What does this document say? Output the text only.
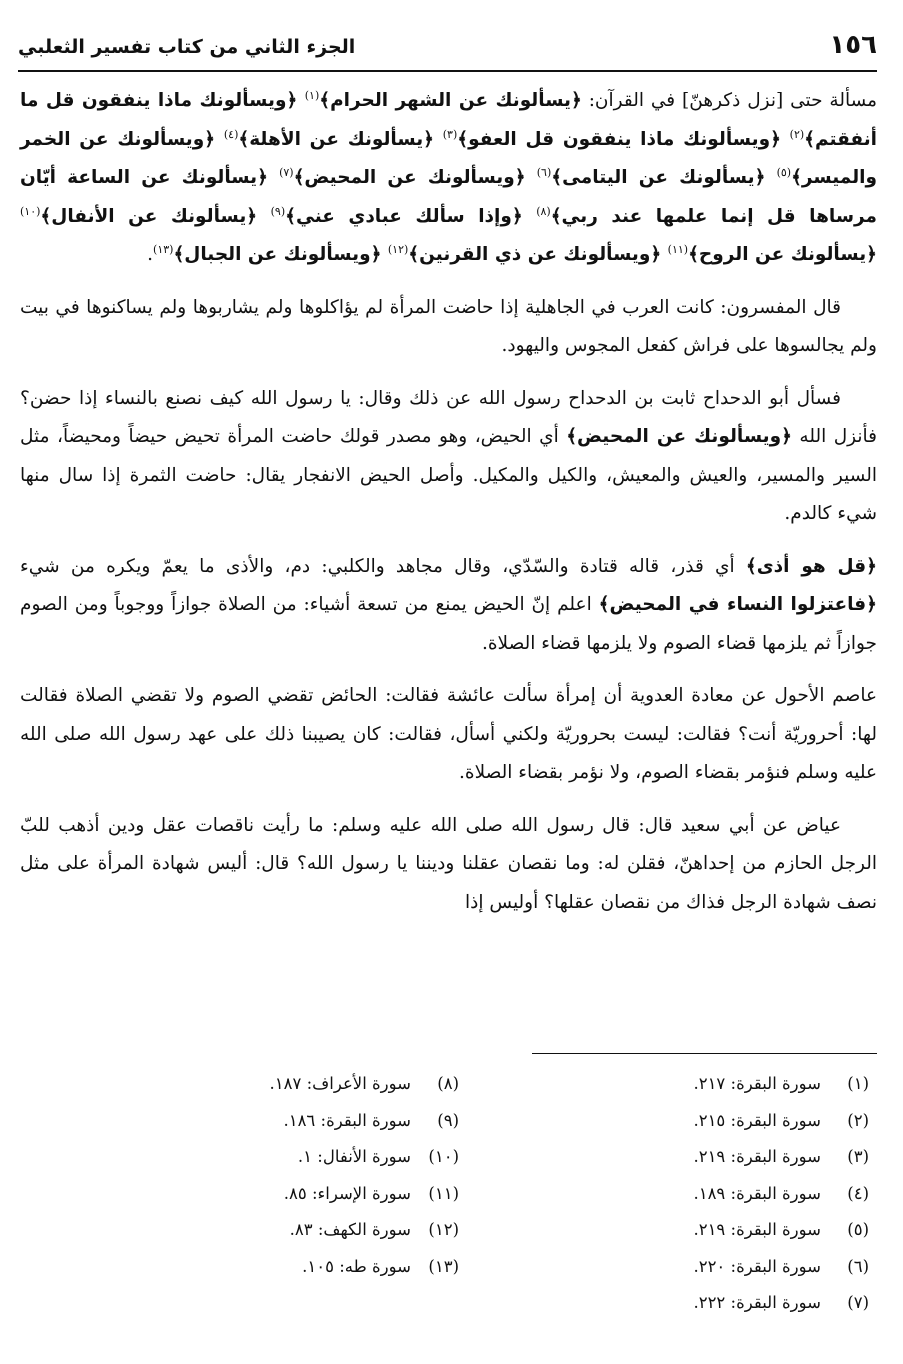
١٥٦
الجزء الثاني من كتاب تفسير الثعلبي

مسألة حتى [نزل ذكرهنّ] في القرآن: ﴿يسألونك عن الشهر الحرام﴾$^{(١)}$ ﴿ويسألونك ماذا ينفقون قل ما أنفقتم﴾$^{(٢)}$ ﴿ويسألونك ماذا ينفقون قل العفو﴾$^{(٣)}$ ﴿يسألونك عن الأهلة﴾$^{(٤)}$ ﴿ويسألونك عن الخمر والميسر﴾$^{(٥)}$ ﴿يسألونك عن اليتامى﴾$^{(٦)}$ ﴿ويسألونك عن المحيض﴾$^{(٧)}$ ﴿يسألونك عن الساعة أيّان مرساها قل إنما علمها عند ربي﴾$^{(٨)}$ ﴿وإذا سألك عبادي عني﴾$^{(٩)}$ ﴿يسألونك عن الأنفال﴾$^{(١٠)}$ ﴿يسألونك عن الروح﴾$^{(١١)}$ ﴿ويسألونك عن ذي القرنين﴾$^{(١٢)}$ ﴿ويسألونك عن الجبال﴾$^{(١٣)}$.

قال المفسرون: كانت العرب في الجاهلية إذا حاضت المرأة لم يؤاكلوها ولم يشاربوها ولم يساكنوها في بيت ولم يجالسوها على فراش كفعل المجوس واليهود.

فسأل أبو الدحداح ثابت بن الدحداح رسول الله عن ذلك وقال: يا رسول الله كيف نصنع بالنساء إذا حضن؟ فأنزل الله ﴿ويسألونك عن المحيض﴾ أي الحيض، وهو مصدر قولك حاضت المرأة تحيض حيضاً ومحيضاً، مثل السير والمسير، والعيش والمعيش، والكيل والمكيل. وأصل الحيض الانفجار يقال: حاضت الثمرة إذا سال منها شيء كالدم.

﴿قل هو أذى﴾ أي قذر، قاله قتادة والسّدّي، وقال مجاهد والكلبي: دم، والأذى ما يعمّ ويكره من شيء ﴿فاعتزلوا النساء في المحيض﴾ اعلم إنّ الحيض يمنع من تسعة أشياء: من الصلاة جوازاً ووجوباً ومن الصوم جوازاً ثم يلزمها قضاء الصوم ولا يلزمها قضاء الصلاة.

عاصم الأحول عن معادة العدوية أن إمرأة سألت عائشة فقالت: الحائض تقضي الصوم ولا تقضي الصلاة فقالت لها: أحروريّة أنت؟ فقالت: ليست بحروريّة ولكني أسأل، فقالت: كان يصيبنا ذلك على عهد رسول الله صلى الله عليه وسلم فنؤمر بقضاء الصوم، ولا نؤمر بقضاء الصلاة.

عياض عن أبي سعيد قال: قال رسول الله صلى الله عليه وسلم: ما رأيت ناقصات عقل ودين أذهب للبّ الرجل الحازم من إحداهنّ، فقلن له: وما نقصان عقلنا وديننا يا رسول الله؟ قال: أليس شهادة المرأة على مثل نصف شهادة الرجل فذاك من نقصان عقلها؟ أوليس إذا

(١)سورة البقرة: ٢١٧.
(٢)سورة البقرة: ٢١٥.
(٣)سورة البقرة: ٢١٩.
(٤)سورة البقرة: ١٨٩.
(٥)سورة البقرة: ٢١٩.
(٦)سورة البقرة: ٢٢٠.
(٧)سورة البقرة: ٢٢٢.
(٨)سورة الأعراف: ١٨٧.
(٩)سورة البقرة: ١٨٦.
(١٠)سورة الأنفال: ١.
(١١)سورة الإسراء: ٨٥.
(١٢)سورة الكهف: ٨٣.
(١٣)سورة طه: ١٠٥.
